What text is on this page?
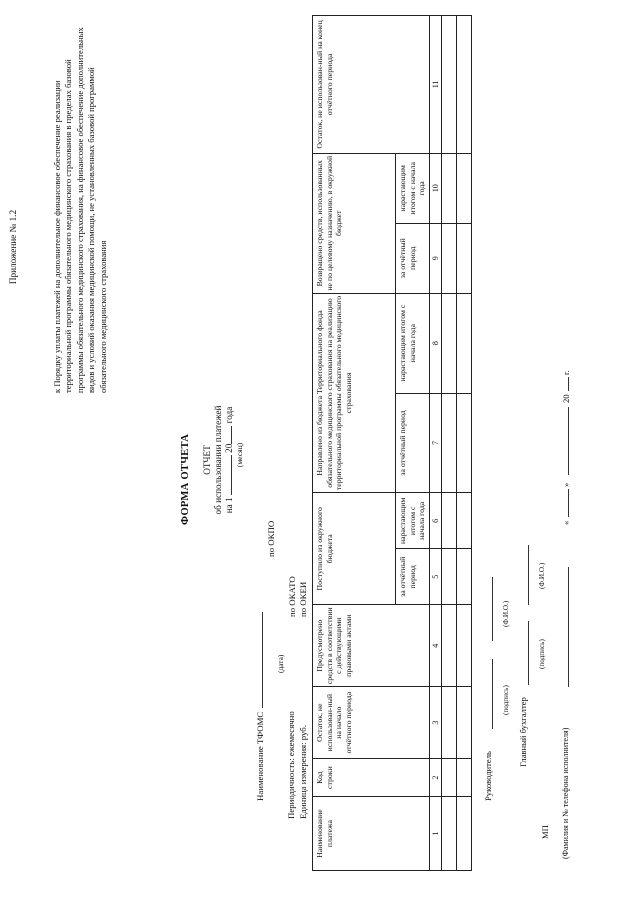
Приложение № 1.2	к Порядку уплаты платежей на дополнительное финансовое обеспечение реализации территориальной программы обязательного медицинского страхования в пределах базовой программы обязательного медицинского страхования, на финансовое обеспечение дополнительных видов и условий оказания медицинской помощи, не установленных базовой программой обязательного медицинского страхования
ФОРМА ОТЧЕТА ОТЧЕТ об использовании платежей на 1  20 года
(месяц)
Наименование ТФОМС
(дата)
по ОКПО
по ОКАТО по ОКЕИ
Периодичность: ежемесячно Единица измерения: руб.
Наименование платежа	Код строки	Остаток, не использован-ный на начало отчётного периода	Предусмотрено средств в соответствии с действующими правовыми актами	Поступило из окружного бюджета		Направлено из бюджета Территориального фонда обязательного медицинского страхования на реализацию территориальной программы обязательного медицинского страхования		Возвращено средств, использованных не по целевому назначению, в окружной бюджет		Остаток, не использован-ный на конец отчётного периода
				за отчётный период	нарастающим итогом с начала года	за отчётный период	нарастающим итогом с начала года	за отчётный период	нарастающим итогом с начала года	
1	2	3	4	5	6	7	8	9	10	11

Руководитель
(подпись)
(Ф.И.О.)
Главный бухгалтер
(подпись)
(Ф.И.О.)
МП (Фамилия и № телефона исполнителя)
«
»
20
г.
